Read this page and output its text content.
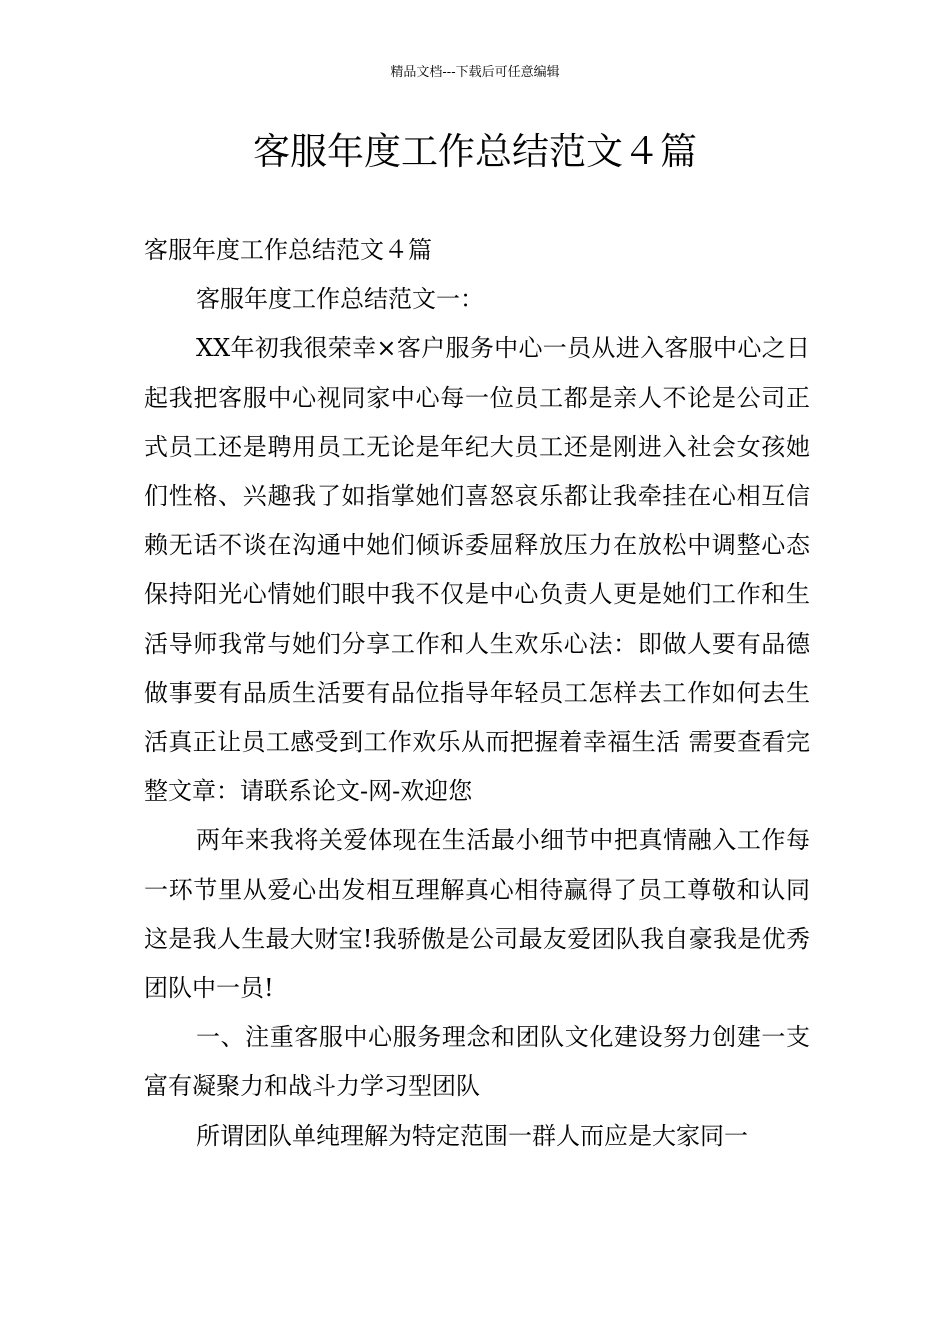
精品文档---下载后可任意编辑
客服年度工作总结范文４篇

客服年度工作总结范文４篇

客服年度工作总结范文一：

XX年初我很荣幸×客户服务中心一员从进入客服中心之日起我把客服中心视同家中心每一位员工都是亲人不论是公司正式员工还是聘用员工无论是年纪大员工还是刚进入社会女孩她们性格、兴趣我了如指掌她们喜怒哀乐都让我牵挂在心相互信赖无话不谈在沟通中她们倾诉委屈释放压力在放松中调整心态保持阳光心情她们眼中我不仅是中心负责人更是她们工作和生活导师我常与她们分享工作和人生欢乐心法：即做人要有品德做事要有品质生活要有品位指导年轻员工怎样去工作如何去生活真正让员工感受到工作欢乐从而把握着幸福生活 需要查看完整文章：请联系论文-网-欢迎您

两年来我将关爱体现在生活最小细节中把真情融入工作每一环节里从爱心出发相互理解真心相待赢得了员工尊敬和认同这是我人生最大财宝!我骄傲是公司最友爱团队我自豪我是优秀团队中一员!

一、注重客服中心服务理念和团队文化建设努力创建一支富有凝聚力和战斗力学习型团队

所谓团队单纯理解为特定范围一群人而应是大家同一
